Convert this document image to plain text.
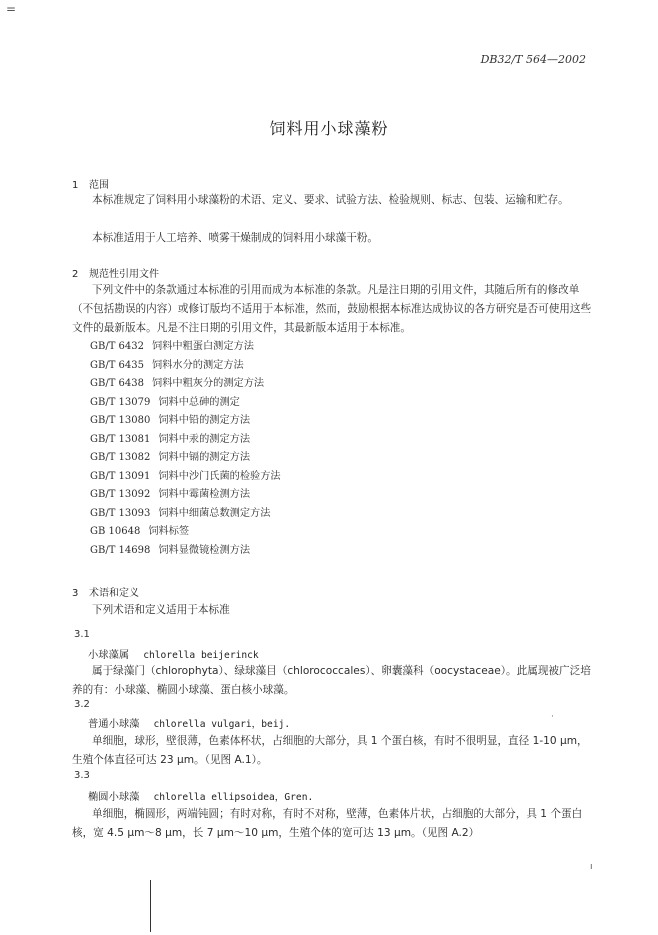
=
DB32/T 564—2002
饲料用小球藻粉
1 范围

本标准规定了饲料用小球藻粉的术语、定义、要求、试验方法、检验规则、标志、包装、运输和贮存。

本标准适用于人工培养、喷雾干燥制成的饲料用小球藻干粉。

2 规范性引用文件

下列文件中的条款通过本标准的引用而成为本标准的条款。凡是注日期的引用文件，其随后所有的修改单（不包括勘误的内容）或修订版均不适用于本标准，然而，鼓励根据本标准达成协议的各方研究是否可使用这些文件的最新版本。凡是不注日期的引用文件，其最新版本适用于本标准。

GB/T 6432 饲料中粗蛋白测定方法
GB/T 6435 饲料水分的测定方法
GB/T 6438 饲料中粗灰分的测定方法
GB/T 13079 饲料中总砷的测定
GB/T 13080 饲料中铅的测定方法
GB/T 13081 饲料中汞的测定方法
GB/T 13082 饲料中镉的测定方法
GB/T 13091 饲料中沙门氏菌的检验方法
GB/T 13092 饲料中霉菌检测方法
GB/T 13093 饲料中细菌总数测定方法
GB 10648 饲料标签
GB/T 14698 饲料显微镜检测方法
3 术语和定义

下列术语和定义适用于本标准

3.1
小球藻属 chlorella beijerinck

属于绿藻门（chlorophyta）、绿球藻目（chlorococcales）、卵囊藻科（oocystaceae）。此属现被广泛培养的有：小球藻、椭圆小球藻、蛋白核小球藻。

3.2
普通小球藻 chlorella vulgari，beij.
·

单细胞，球形，壁很薄，色素体杯状，占细胞的大部分，具 1 个蛋白核，有时不很明显，直径 1-10 μm，生殖个体直径可达 23 μm。（见图 A.1）。

3.3
椭圆小球藻 chlorella ellipsoidea，Gren.

单细胞，椭圆形，两端钝圆；有时对称，有时不对称，壁薄，色素体片状，占细胞的大部分，具 1 个蛋白核，宽 4.5 μm～8 μm，长 7 μm～10 μm，生殖个体的宽可达 13 μm。（见图 A.2）

ı
